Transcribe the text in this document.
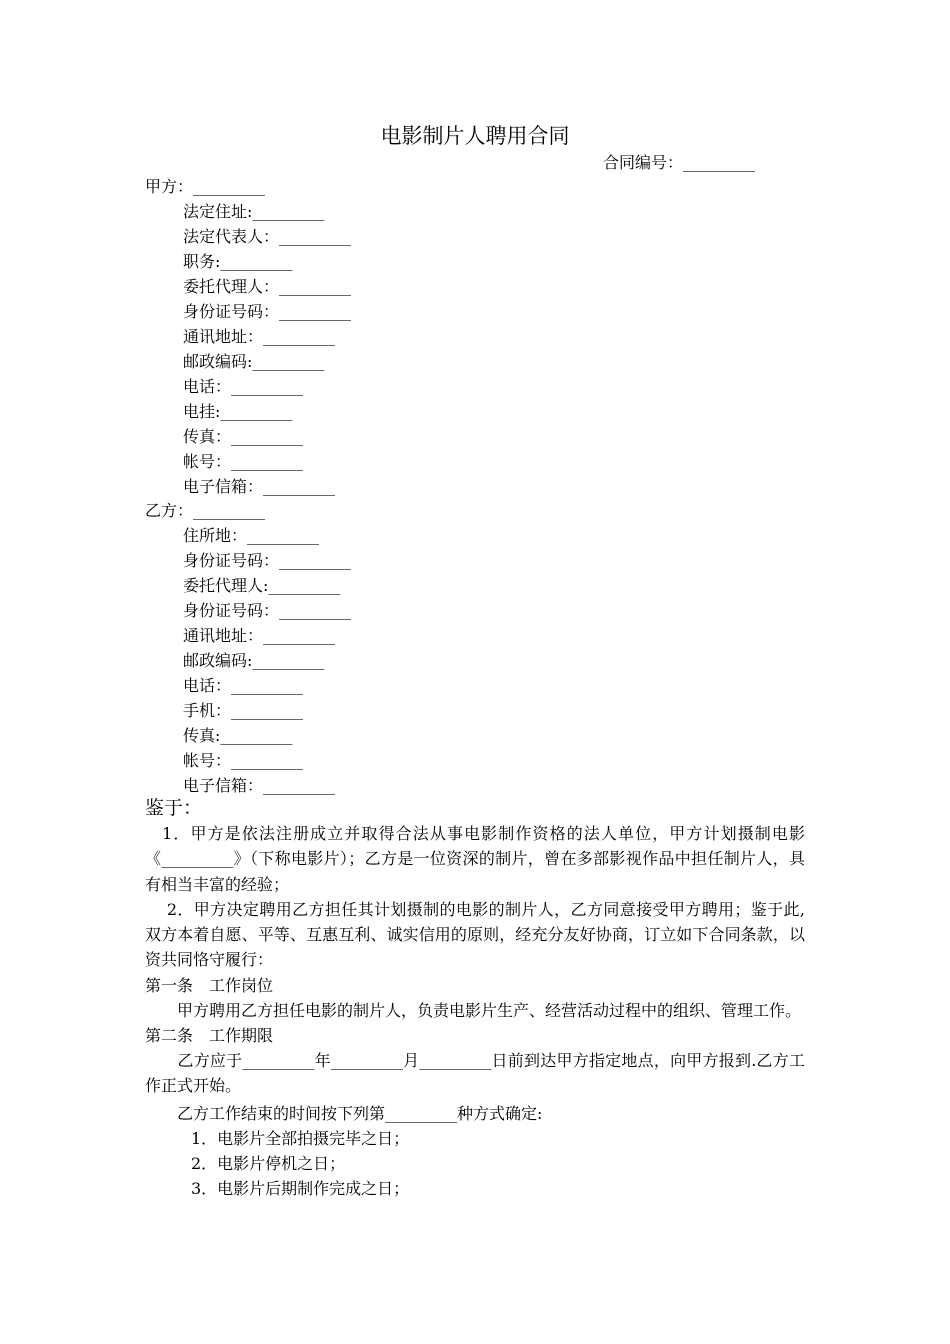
电影制片人聘用合同
合同编号：_________
甲方：_________
法定住址:_________
法定代表人：_________
职务:_________
委托代理人：_________
身份证号码：_________
通讯地址：_________
邮政编码:_________
电话：_________
电挂:_________
传真：_________
帐号：_________
电子信箱：_________
乙方：_________
住所地：_________
身份证号码：_________
委托代理人:_________
身份证号码：_________
通讯地址：_________
邮政编码:_________
电话：_________
手机：_________
传真:_________
帐号：_________
电子信箱：_________
鉴于：
　1．甲方是依法注册成立并取得合法从事电影制作资格的法人单位，甲方计划摄制电影《_________》（下称电影片）；乙方是一位资深的制片，曾在多部影视作品中担任制片人，具有相当丰富的经验；
　 2．甲方决定聘用乙方担任其计划摄制的电影的制片人，乙方同意接受甲方聘用；鉴于此,双方本着自愿、平等、互惠互利、诚实信用的原则，经充分友好协商，订立如下合同条款，以资共同恪守履行：
第一条　工作岗位
　　甲方聘用乙方担任电影的制片人，负责电影片生产、经营活动过程中的组织、管理工作。
第二条　工作期限
　　乙方应于_________年_________月_________日前到达甲方指定地点，向甲方报到.乙方工作正式开始。
　　乙方工作结束的时间按下列第_________种方式确定:
1．电影片全部拍摄完毕之日；
2．电影片停机之日；
3．电影片后期制作完成之日；
